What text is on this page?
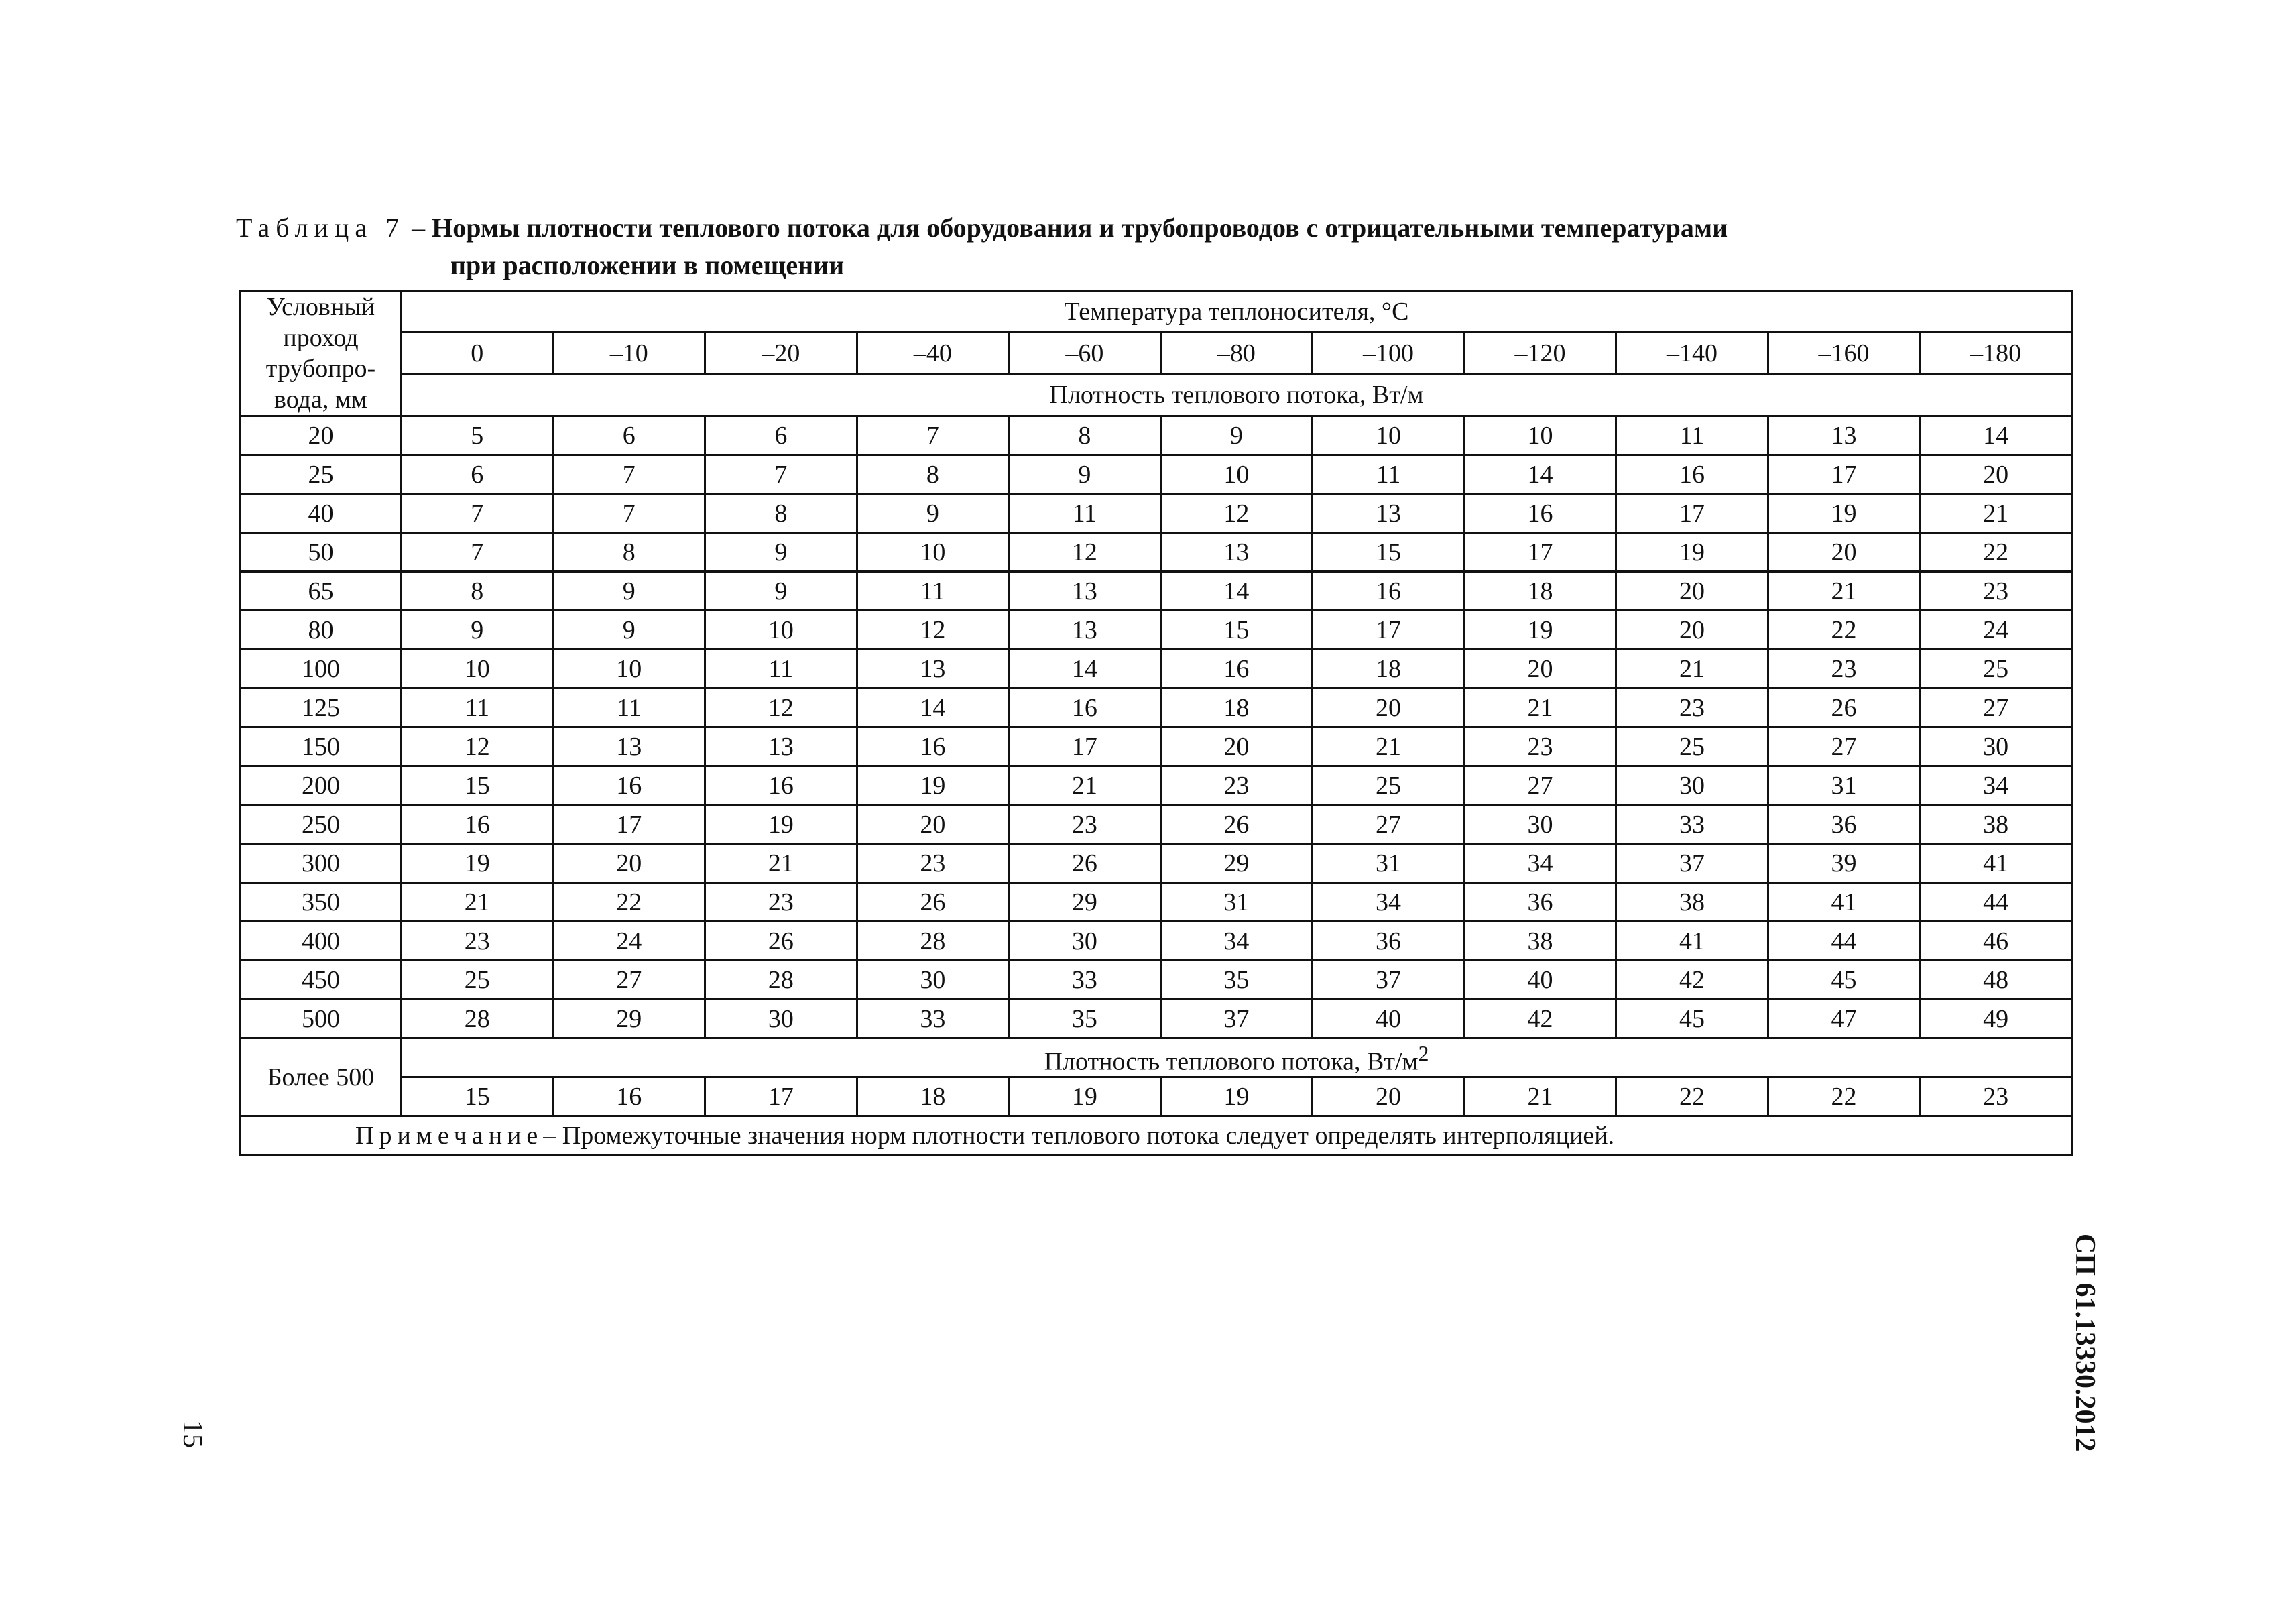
Таблица 7 – Нормы плотности теплового потока для оборудования и трубопроводов с отрицательными температурами
при расположении в помещении
Условный проход трубопро-вода, мм	Температура теплоносителя, °С										
	0	–10	–20	–40	–60	–80	–100	–120	–140	–160	–180
	Плотность теплового потока, Вт/м										
20	5	6	6	7	8	9	10	10	11	13	14
25	6	7	7	8	9	10	11	14	16	17	20
40	7	7	8	9	11	12	13	16	17	19	21
50	7	8	9	10	12	13	15	17	19	20	22
65	8	9	9	11	13	14	16	18	20	21	23
80	9	9	10	12	13	15	17	19	20	22	24
100	10	10	11	13	14	16	18	20	21	23	25
125	11	11	12	14	16	18	20	21	23	26	27
150	12	13	13	16	17	20	21	23	25	27	30
200	15	16	16	19	21	23	25	27	30	31	34
250	16	17	19	20	23	26	27	30	33	36	38
300	19	20	21	23	26	29	31	34	37	39	41
350	21	22	23	26	29	31	34	36	38	41	44
400	23	24	26	28	30	34	36	38	41	44	46
450	25	27	28	30	33	35	37	40	42	45	48
500	28	29	30	33	35	37	40	42	45	47	49

Более 500	Плотность теплового потока, $Вт/м^2$
	15	16	17	18	19	19	20	21	22	22	23
Примечание– Промежуточные значения норм плотности теплового потока следует определять интерполяцией.											
СП 61.13330.2012
15
